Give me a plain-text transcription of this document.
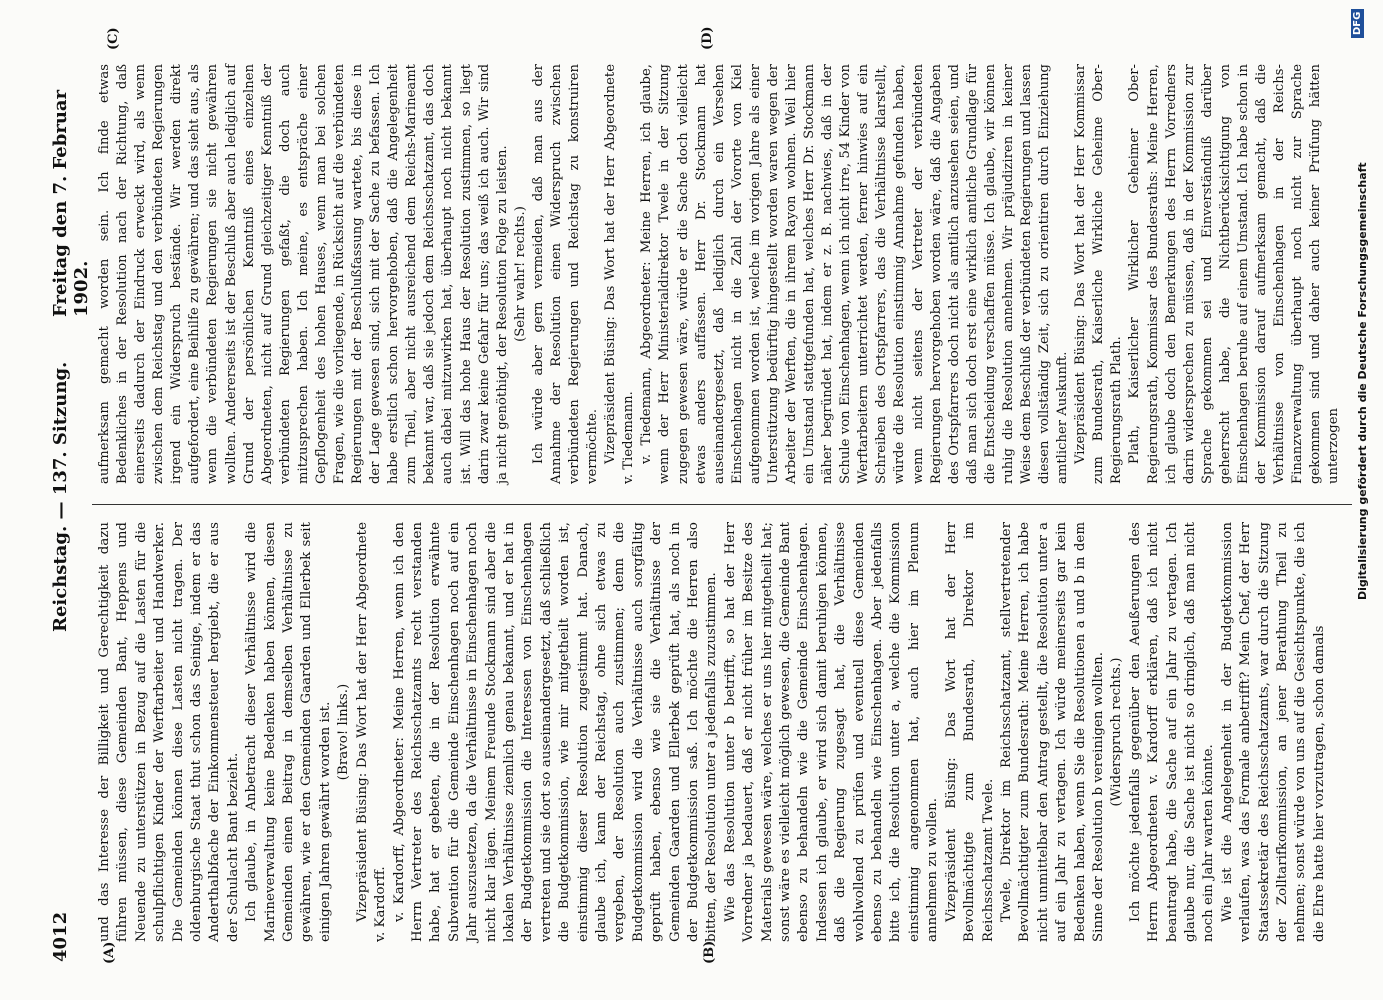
4012
Reichstag. — 137. Sitzung.
Freitag den 7. Februar 1902.
(A)	(B)
(C)	(D)

und das Interesse der Billigkeit und Gerechtigkeit dazu führen müssen, diese Gemeinden Bant, Heppens und Neuende zu unterstützen in Bezug auf die Lasten für die schulpflichtigen Kinder der Werftarbeiter und Handwerker. Die Gemeinden können diese Lasten nicht tragen. Der oldenburgische Staat thut schon das Seinige, indem er das Anderthalbfache der Einkommensteuer hergiebt, die er aus der Schulacht Bant bezieht. Ich glaube, in Anbetracht dieser Verhältnisse wird die Marineverwaltung keine Bedenken haben können, diesen Gemeinden einen Beitrag in demselben Verhältnisse zu gewähren, wie er den Gemeinden Gaarden und Ellerbek seit einigen Jahren gewährt worden ist. (Bravo! links.) Vizepräsident Büsing: Das Wort hat der Herr Abgeordnete v. Kardorff. v. Kardorff, Abgeordneter: Meine Herren, wenn ich den Herrn Vertreter des Reichsschatzamts recht verstanden habe, hat er gebeten, die in der Resolution erwähnte Subvention für die Gemeinde Einschenhagen noch auf ein Jahr auszusetzen, da die Verhältnisse in Einschenhagen noch nicht klar lägen. Meinem Freunde Stockmann sind aber die lokalen Verhältnisse ziemlich genau bekannt, und er hat in der Budgetkommission die Interessen von Einschenhagen vertreten und sie dort so auseinandergesetzt, daß schließlich die Budgetkommission, wie mir mitgetheilt worden ist, einstimmig dieser Resolution zugestimmt hat. Danach, glaube ich, kann der Reichstag, ohne sich etwas zu vergeben, der Resolution auch zustimmen; denn die Budgetkommission wird die Verhältnisse auch sorgfältig geprüft haben, ebenso wie sie die Verhältnisse der Gemeinden Gaarden und Ellerbek geprüft hat, als noch in der Budgetkommission saß. Ich möchte die Herren also bitten, der Resolution unter a jedenfalls zuzustimmen. Wie das Resolution unter b betrifft, so hat der Herr Vorredner ja bedauert, daß er nicht früher im Besitze des Materials gewesen wäre, welches er uns hier mitgetheilt hat; sonst wäre es vielleicht möglich gewesen, die Gemeinde Bant ebenso zu behandeln wie die Gemeinde Einschenhagen. Indessen ich glaube, er wird sich damit beruhigen können, daß die Regierung zugesagt hat, die Verhältnisse wohlwollend zu prüfen und eventuell diese Gemeinden ebenso zu behandeln wie Einschenhagen. Aber jedenfalls bitte ich, die Resolution unter a, welche die Kommission einstimmig angenommen hat, auch hier im Plenum annehmen zu wollen. Vizepräsident Büsing: Das Wort hat der Herr Bevollmächtigte zum Bundesrath, Direktor im Reichsschatzamt Twele. Twele, Direktor im Reichsschatzamt, stellvertretender Bevollmächtigter zum Bundesrath: Meine Herren, ich habe nicht unmittelbar den Antrag gestellt, die Resolution unter a auf ein Jahr zu vertagen. Ich würde meinerseits gar kein Bedenken haben, wenn Sie die Resolutionen a und b in dem Sinne der Resolution b vereinigen wollten. (Widerspruch rechts.) Ich möchte jedenfalls gegenüber den Aeußerungen des Herrn Abgeordneten v. Kardorff erklären, daß ich nicht beantragt habe, die Sache auf ein Jahr zu vertagen. Ich glaube nur, die Sache ist nicht so dringlich, daß man nicht noch ein Jahr warten könnte. Wie ist die Angelegenheit in der Budgetkommission verlaufen, was das Formale anbetrifft? Mein Chef, der Herr Staatssekretär des Reichsschatzamts, war durch die Sitzung der Zolltarifkommission, an jener Berathung Theil zu nehmen; sonst würde von uns auf die Gesichtspunkte, die ich die Ehre hatte hier vorzutragen, schon damals

aufmerksam gemacht worden sein. Ich finde etwas Bedenkliches in der Resolution nach der Richtung, daß einerseits dadurch der Eindruck erweckt wird, als wenn zwischen dem Reichstag und den verbündeten Regierungen irgend ein Widerspruch bestände. Wir werden direkt aufgefordert, eine Beihilfe zu gewähren; und das sieht aus, als wenn die verbündeten Regierungen sie nicht gewähren wollten. Andererseits ist der Beschluß aber auch lediglich auf Grund der persönlichen Kenntniß eines einzelnen Abgeordneten, nicht auf Grund gleichzeitiger Kenntniß der verbündeten Regierungen gefaßt, die doch auch mitzusprechen haben. Ich meine, es entspräche einer Gepflogenheit des hohen Hauses, wenn man bei solchen Fragen, wie die vorliegende, in Rücksicht auf die verbündeten Regierungen mit der Beschlußfassung wartete, bis diese in der Lage gewesen sind, sich mit der Sache zu befassen. Ich habe erstlich schon hervorgehoben, daß die Angelegenheit zum Theil, aber nicht ausreichend dem Reichs-Marineamt bekannt war, daß sie jedoch dem Reichsschatzamt, das doch auch dabei mitzuwirken hat, überhaupt noch nicht bekannt ist. Will das hohe Haus der Resolution zustimmen, so liegt darin zwar keine Gefahr für uns; das weiß ich auch. Wir sind ja nicht genöthigt, der Resolution Folge zu leisten. (Sehr wahr! rechts.) Ich würde aber gern vermeiden, daß man aus der Annahme der Resolution einen Widerspruch zwischen verbündeten Regierungen und Reichstag zu konstruiren vermöchte. Vizepräsident Büsing: Das Wort hat der Herr Abgeordnete v. Tiedemann. v. Tiedemann, Abgeordneter: Meine Herren, ich glaube, wenn der Herr Ministerialdirektor Twele in der Sitzung zugegen gewesen wäre, würde er die Sache doch vielleicht etwas anders auffassen. Herr Dr. Stockmann hat auseinandergesetzt, daß lediglich durch ein Versehen Einschenhagen nicht in die Zahl der Vororte von Kiel aufgenommen worden ist, welche im vorigen Jahre als einer Unterstützung bedürftig hingestellt worden waren wegen der Arbeiter der Werften, die in ihrem Rayon wohnen. Weil hier ein Umstand stattgefunden hat, welches Herr Dr. Stockmann näher begründet hat, indem er z. B. nachwies, daß in der Schule von Einschenhagen, wenn ich nicht irre, 54 Kinder von Werftarbeitern unterrichtet werden, ferner hinwies auf ein Schreiben des Ortspfarrers, das die Verhältnisse klarstellt, würde die Resolution einstimmig Annahme gefunden haben, wenn nicht seitens der Vertreter der verbündeten Regierungen hervorgehoben worden wäre, daß die Angaben des Ortspfarrers doch nicht als amtlich anzusehen seien, und daß man sich doch erst eine wirklich amtliche Grundlage für die Entscheidung verschaffen müsse. Ich glaube, wir können ruhig die Resolution annehmen. Wir präjudiziren in keiner Weise dem Beschluß der verbündeten Regierungen und lassen diesen vollständig Zeit, sich zu orientiren durch Einziehung amtlicher Auskunft. Vizepräsident Büsing: Das Wort hat der Herr Kommissar zum Bundesrath, Kaiserliche Wirkliche Geheime Ober-Regierungsrath Plath. Plath, Kaiserlicher Wirklicher Geheimer Ober-Regierungsrath, Kommissar des Bundesraths: Meine Herren, ich glaube doch den Bemerkungen des Herrn Vorredners darin widersprechen zu müssen, daß in der Kommission zur Sprache gekommen sei und Einverständniß darüber geherrscht habe, die Nichtberücksichtigung von Einschenhagen beruhe auf einem Umstand. Ich habe schon in der Kommission darauf aufmerksam gemacht, daß die Verhältnisse von Einschenhagen in der Reichs-Finanzverwaltung überhaupt noch nicht zur Sprache gekommen sind und daher auch keiner Prüfung hätten unterzogen Digitalisierung gefördert durch die Deutsche Forschungsgemeinschaft
DFG
